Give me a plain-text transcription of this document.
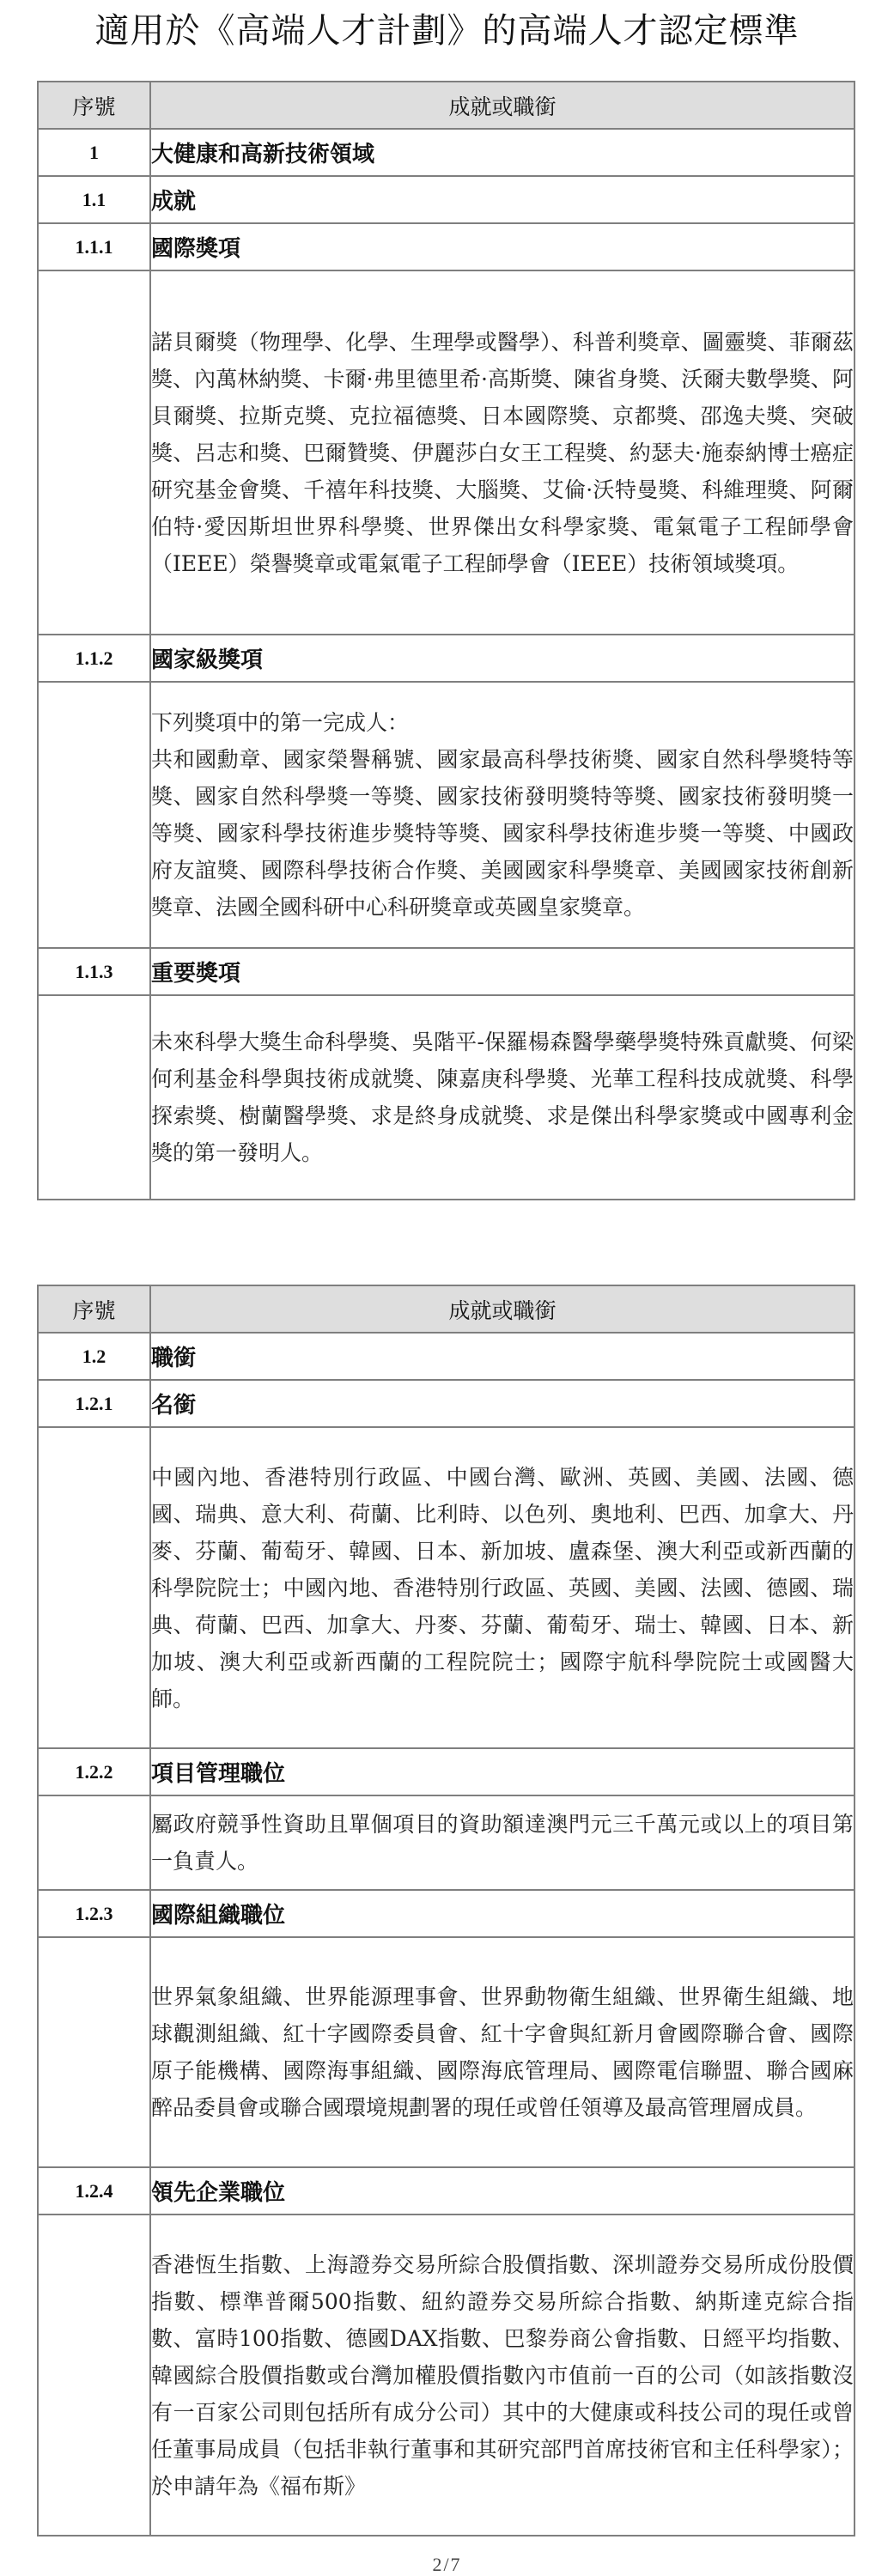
適用於《高端人才計劃》的高端人才認定標準
序號	成就或職銜
1	大健康和高新技術領域
1.1	成就
1.1.1	國際獎項
	諾貝爾獎（物理學、化學、生理學或醫學）、科普利獎章、圖靈獎、菲爾茲獎、內萬林納獎、卡爾·弗里德里希·高斯獎、陳省身獎、沃爾夫數學獎、阿貝爾獎、拉斯克獎、克拉福德獎、日本國際獎、京都獎、邵逸夫獎、突破獎、呂志和獎、巴爾贊獎、伊麗莎白女王工程獎、約瑟夫·施泰納博士癌症研究基金會獎、千禧年科技獎、大腦獎、艾倫·沃特曼獎、科維理獎、阿爾伯特·愛因斯坦世界科學獎、世界傑出女科學家獎、電氣電子工程師學會（IEEE）榮譽獎章或電氣電子工程師學會（IEEE）技術領域獎項。
1.1.2	國家級獎項

	下列獎項中的第一完成人：
共和國勳章、國家榮譽稱號、國家最高科學技術獎、國家自然科學獎特等獎、國家自然科學獎一等獎、國家技術發明獎特等獎、國家技術發明獎一等獎、國家科學技術進步獎特等獎、國家科學技術進步獎一等獎、中國政府友誼獎、國際科學技術合作獎、美國國家科學獎章、美國國家技術創新獎章、法國全國科研中心科研獎章或英國皇家獎章。

1.1.3	重要獎項
	未來科學大獎生命科學獎、吳階平-保羅楊森醫學藥學獎特殊貢獻獎、何梁何利基金科學與技術成就獎、陳嘉庚科學獎、光華工程科技成就獎、科學探索獎、樹蘭醫學獎、求是終身成就獎、求是傑出科學家獎或中國專利金獎的第一發明人。
序號	成就或職銜
1.2	職銜
1.2.1	名銜
	中國內地、香港特別行政區、中國台灣、歐洲、英國、美國、法國、德國、瑞典、意大利、荷蘭、比利時、以色列、奧地利、巴西、加拿大、丹麥、芬蘭、葡萄牙、韓國、日本、新加坡、盧森堡、澳大利亞或新西蘭的科學院院士；中國內地、香港特別行政區、英國、美國、法國、德國、瑞典、荷蘭、巴西、加拿大、丹麥、芬蘭、葡萄牙、瑞士、韓國、日本、新加坡、澳大利亞或新西蘭的工程院院士；國際宇航科學院院士或國醫大師。
1.2.2	項目管理職位
	屬政府競爭性資助且單個項目的資助額達澳門元三千萬元或以上的項目第一負責人。
1.2.3	國際組織職位
	世界氣象組織、世界能源理事會、世界動物衛生組織、世界衛生組織、地球觀測組織、紅十字國際委員會、紅十字會與紅新月會國際聯合會、國際原子能機構、國際海事組織、國際海底管理局、國際電信聯盟、聯合國麻醉品委員會或聯合國環境規劃署的現任或曾任領導及最高管理層成員。
1.2.4	領先企業職位
	香港恆生指數、上海證券交易所綜合股價指數、深圳證券交易所成份股價指數、標準普爾500指數、紐約證券交易所綜合指數、納斯達克綜合指數、富時100指數、德國DAX指數、巴黎券商公會指數、日經平均指數、韓國綜合股價指數或台灣加權股價指數內市值前一百的公司（如該指數沒有一百家公司則包括所有成分公司）其中的大健康或科技公司的現任或曾任董事局成員（包括非執行董事和其研究部門首席技術官和主任科學家）；於申請年為《福布斯》
2/7
